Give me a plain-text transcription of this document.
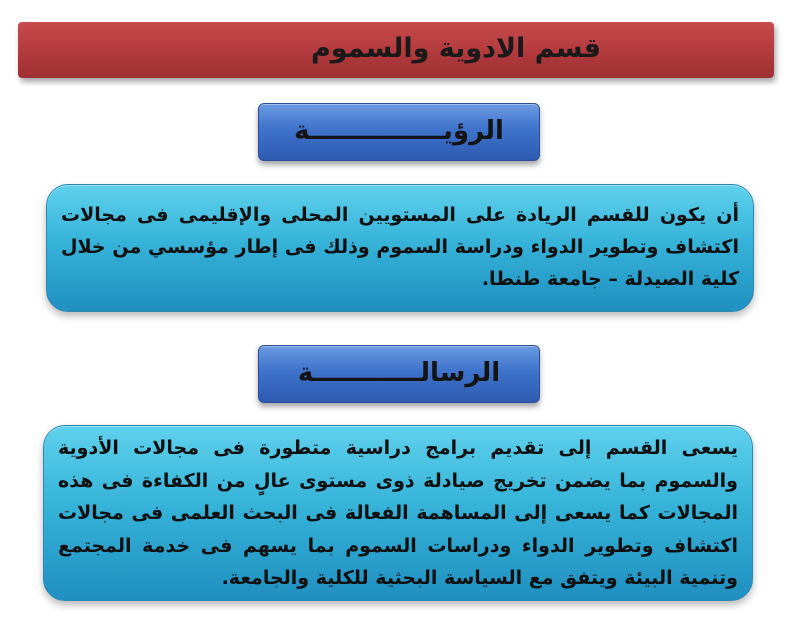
قسم الادوية والسموم
الرؤيـــــــــــــــة
أن يكون للقسم الريادة على المستويين المحلى والإقليمى فى مجالات اكتشاف وتطوير الدواء ودراسة السموم وذلك فى إطار مؤسسي من خلال كلية الصيدلة – جامعة طنطا.
الرسالــــــــــــة
يسعى القسم إلى تقديم برامج دراسية متطورة فى مجالات الأدوية والسموم بما يضمن تخريج صيادلة ذوى مستوى عالٍ من الكفاءة فى هذه المجالات كما يسعى إلى المساهمة الفعالة فى البحث العلمى فى مجالات اكتشاف وتطوير الدواء ودراسات السموم بما يسهم فى خدمة المجتمع وتنمية البيئة ويتفق مع السياسة البحثية للكلية والجامعة.
